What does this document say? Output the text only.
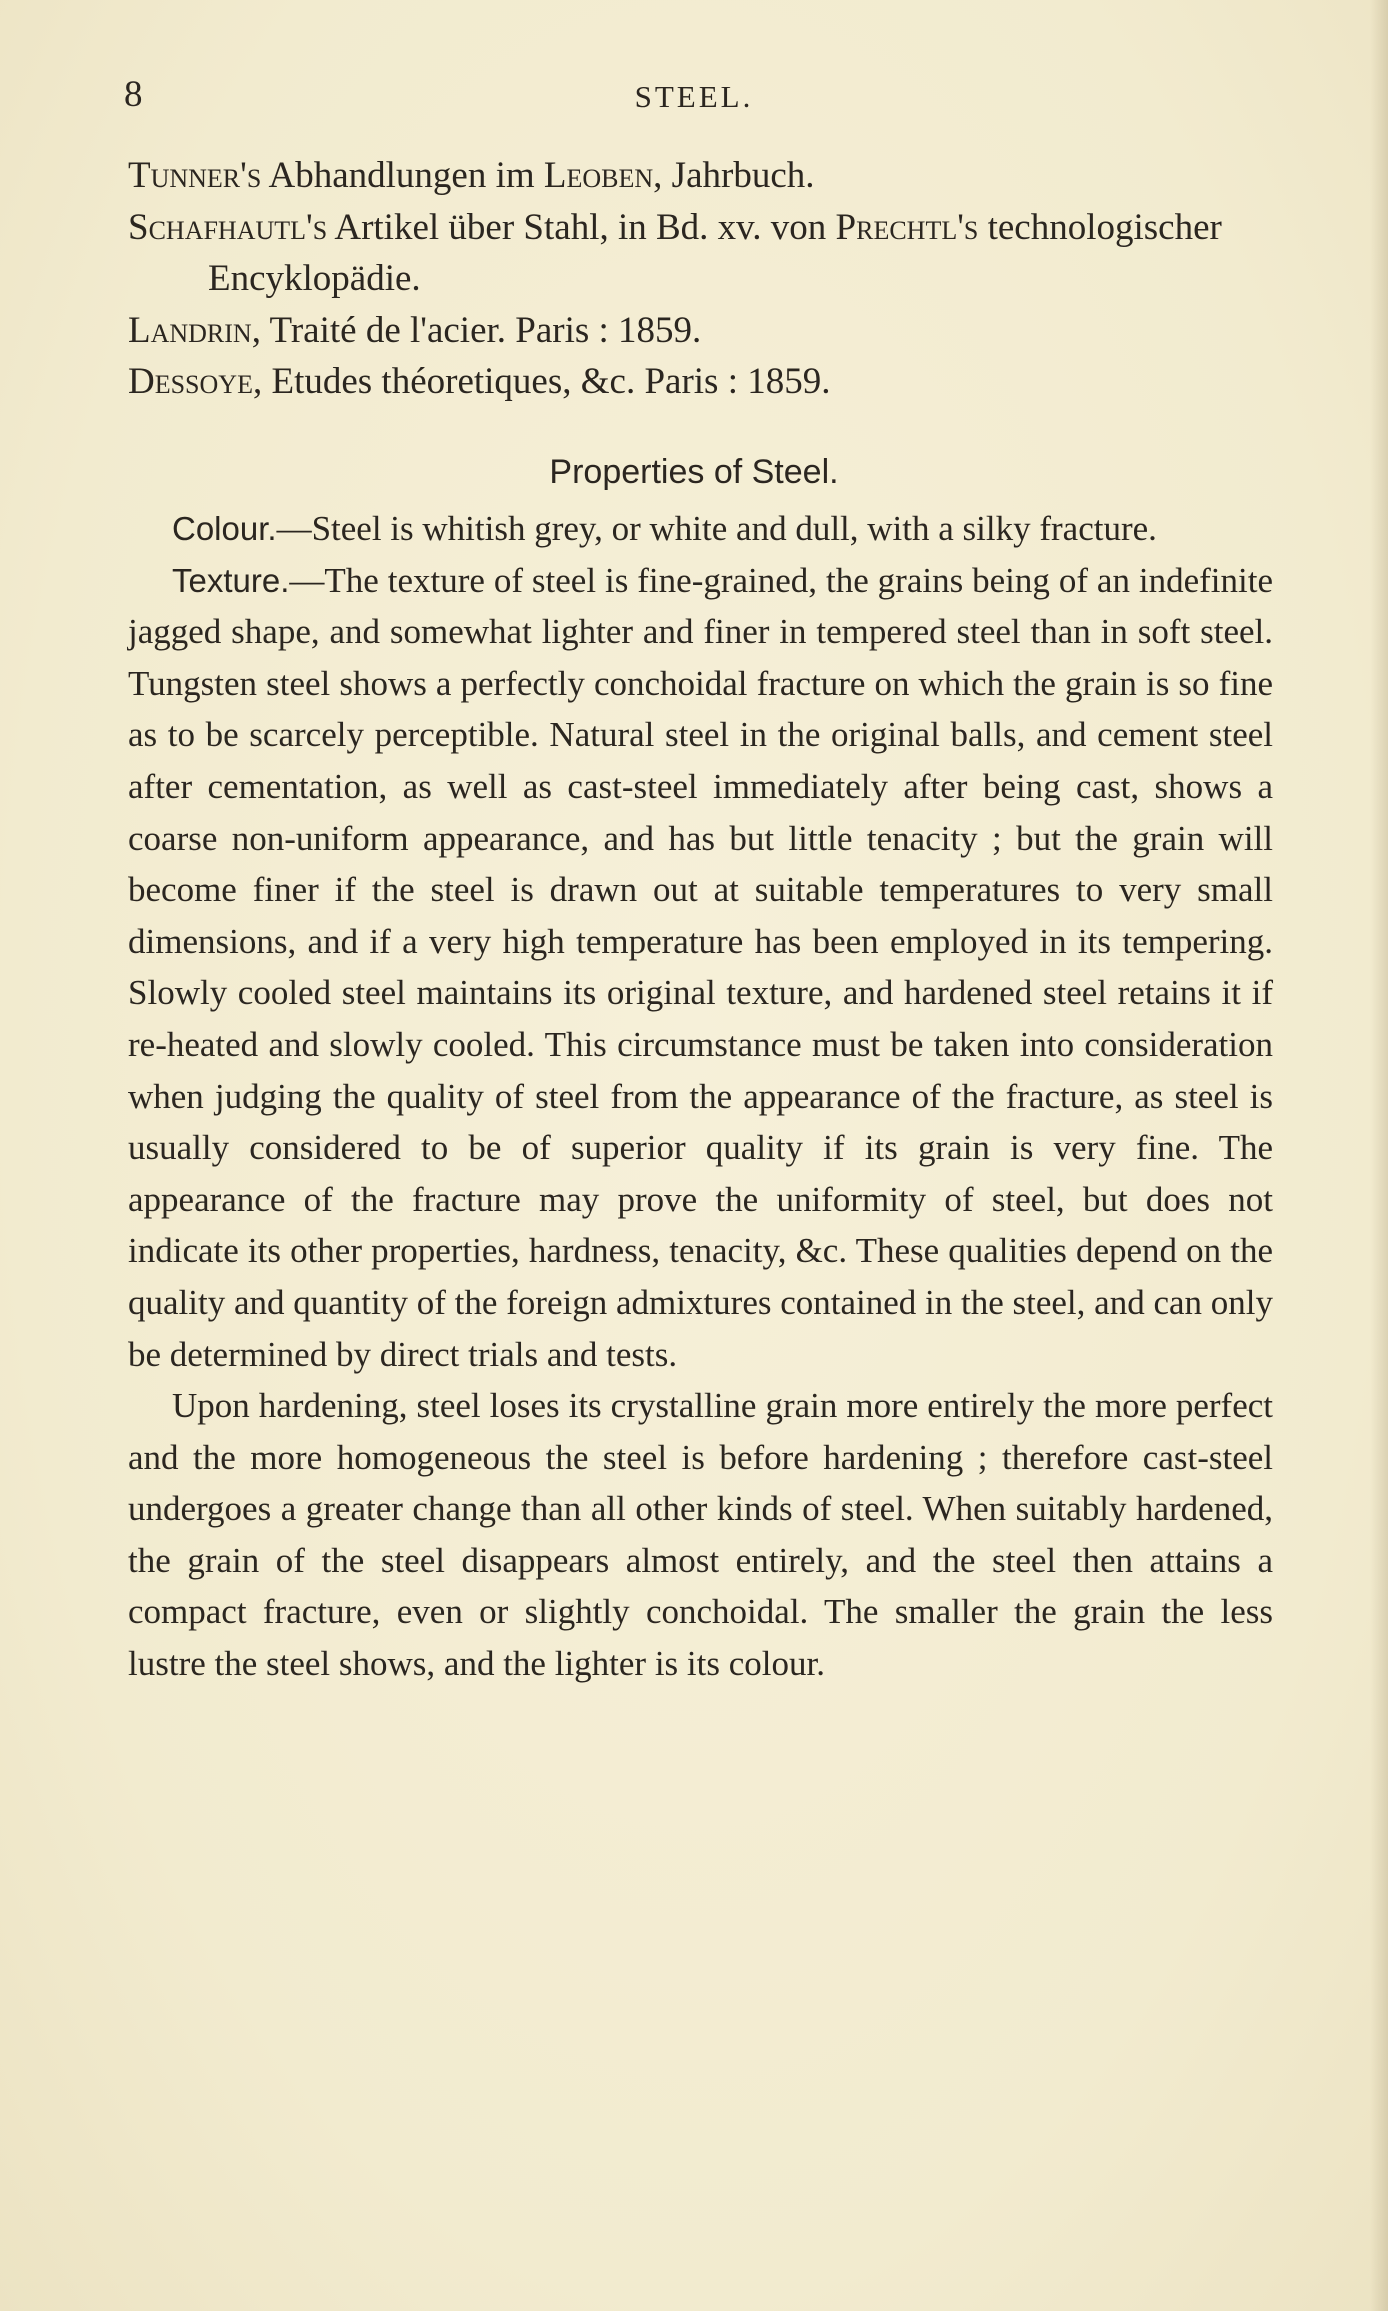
8	STEEL.

Tunner's Abhandlungen im Leoben, Jahrbuch.

Schafhautl's Artikel über Stahl, in Bd. xv. von Prechtl's technologischer Encyklopädie.

Landrin, Traité de l'acier. Paris : 1859.

Dessoye, Etudes théoretiques, &c. Paris : 1859.

Properties of Steel.

Colour.—Steel is whitish grey, or white and dull, with a silky fracture.

Texture.—The texture of steel is fine-grained, the grains being of an indefinite jagged shape, and somewhat lighter and finer in tempered steel than in soft steel. Tungsten steel shows a perfectly conchoidal fracture on which the grain is so fine as to be scarcely perceptible. Natural steel in the original balls, and cement steel after cementation, as well as cast-steel immediately after being cast, shows a coarse non-uniform appearance, and has but little tenacity ; but the grain will become finer if the steel is drawn out at suitable temperatures to very small dimensions, and if a very high temperature has been employed in its tempering. Slowly cooled steel maintains its original texture, and hardened steel retains it if re-heated and slowly cooled. This circumstance must be taken into consideration when judging the quality of steel from the appearance of the fracture, as steel is usually considered to be of superior quality if its grain is very fine. The appearance of the fracture may prove the uniformity of steel, but does not indicate its other properties, hardness, tenacity, &c. These qualities depend on the quality and quantity of the foreign admixtures contained in the steel, and can only be determined by direct trials and tests.

Upon hardening, steel loses its crystalline grain more entirely the more perfect and the more homogeneous the steel is before hardening ; therefore cast-steel undergoes a greater change than all other kinds of steel. When suitably hardened, the grain of the steel disappears almost entirely, and the steel then attains a compact fracture, even or slightly conchoidal. The smaller the grain the less lustre the steel shows, and the lighter is its colour.
